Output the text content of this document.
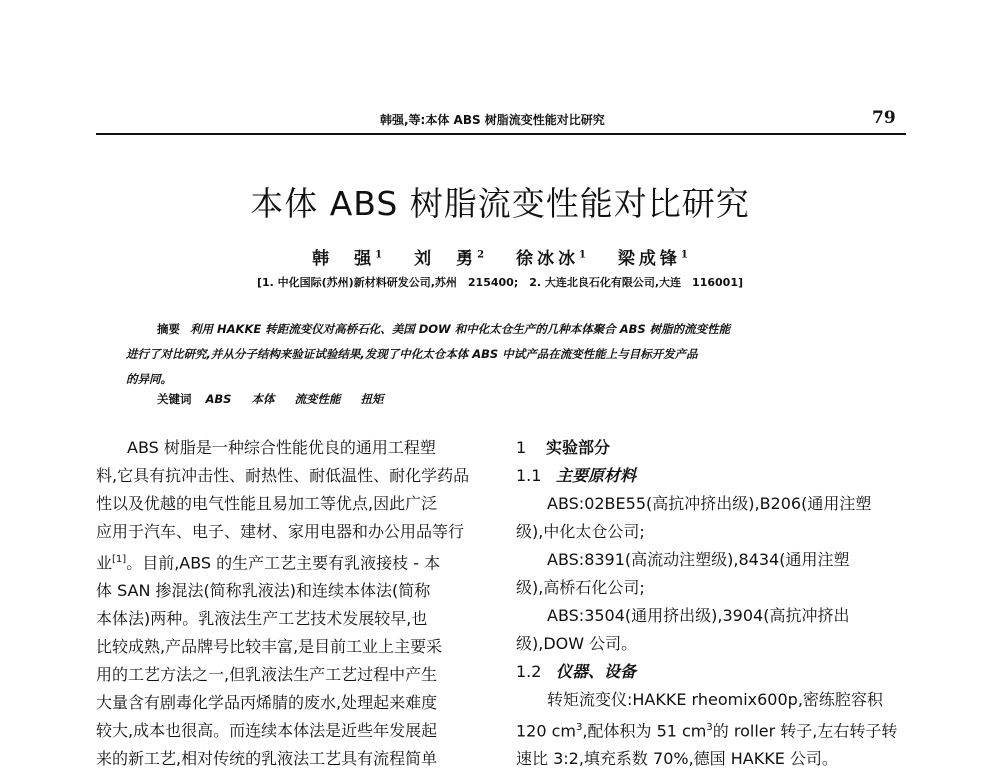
韩强,等:本体 ABS 树脂流变性能对比研究	79
本体 ABS 树脂流变性能对比研究
韩　强$^1$ 刘　勇$^2$ 徐冰冰$^1$ 梁成锋$^1$
[1. 中化国际(苏州)新材料研发公司,苏州　215400;　2. 大连北良石化有限公司,大连　116001]
摘要 利用 HAKKE 转距流变仪对高桥石化、美国 DOW 和中化太仓生产的几种本体聚合 ABS 树脂的流变性能
进行了对比研究,并从分子结构来验证试验结果,发现了中化太仓本体 ABS 中试产品在流变性能上与目标开发产品
的异同。
关键词 ABS 本体 流变性能 扭矩
ABS 树脂是一种综合性能优良的通用工程塑
料,它具有抗冲击性、耐热性、耐低温性、耐化学药品
性以及优越的电气性能且易加工等优点,因此广泛
应用于汽车、电子、建材、家用电器和办公用品等行
业[1]。目前,ABS 的生产工艺主要有乳液接枝 - 本
体 SAN 掺混法(简称乳液法)和连续本体法(简称
本体法)两种。乳液法生产工艺技术发展较早,也
比较成熟,产品牌号比较丰富,是目前工业上主要采
用的工艺方法之一,但乳液法生产工艺过程中产生
大量含有剧毒化学品丙烯腈的废水,处理起来难度
较大,成本也很高。而连续本体法是近些年发展起
来的新工艺,相对传统的乳液法工艺具有流程简单
1 实验部分
1.1 主要原材料
ABS:02BE55(高抗冲挤出级),B206(通用注塑
级),中化太仓公司;
ABS:8391(高流动注塑级),8434(通用注塑
级),高桥石化公司;
ABS:3504(通用挤出级),3904(高抗冲挤出
级),DOW 公司。
1.2 仪器、设备
转矩流变仪:HAKKE rheomix600p,密练腔容积
120 $cm^3$,配体积为 51 $cm^3$的 roller 转子,左右转子转
速比 3:2,填充系数 70%,德国 HAKKE 公司。
